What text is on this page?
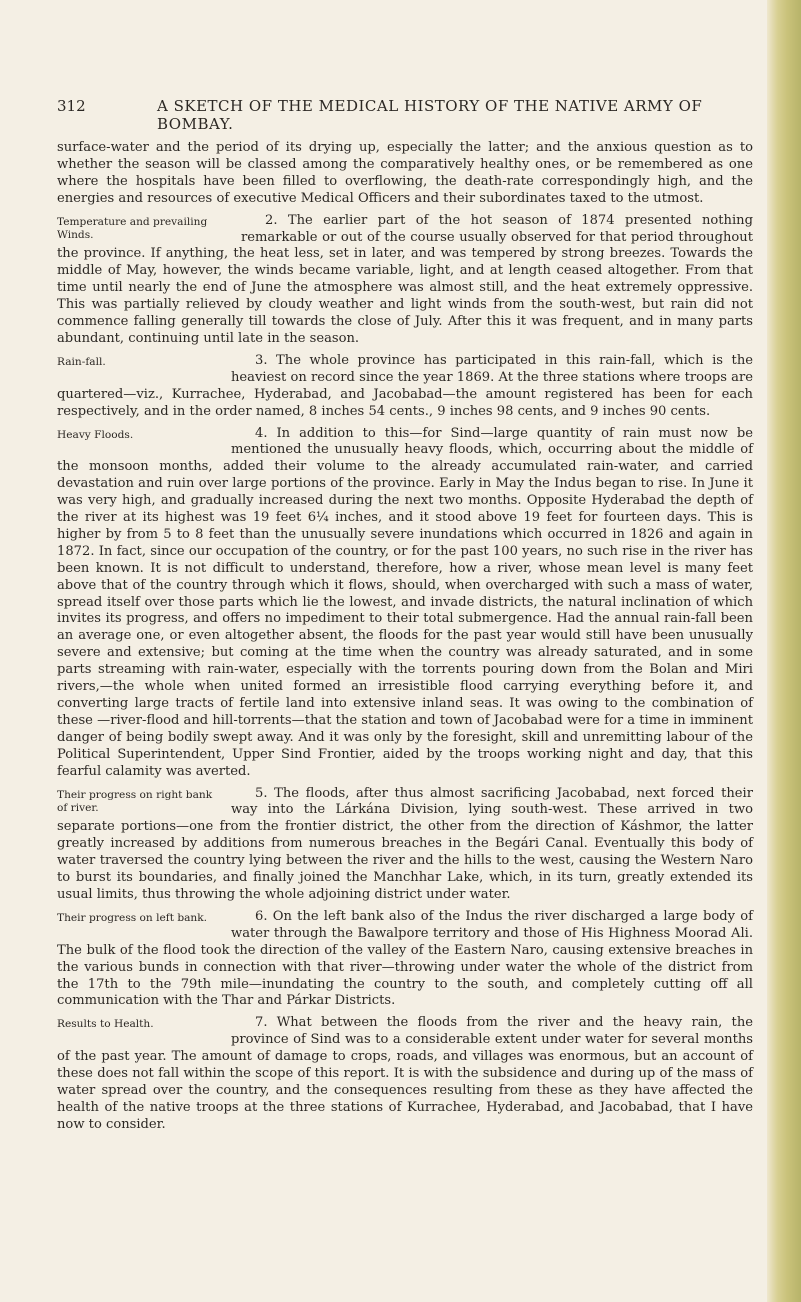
312	A SKETCH OF THE MEDICAL HISTORY OF THE NATIVE ARMY OF BOMBAY.

surface-water and the period of its drying up, especially the latter; and the anxious question as to whether the season will be classed among the comparatively healthy ones, or be remembered as one where the hospitals have been filled to overflowing, the death-rate correspondingly high, and the energies and resources of executive Medical Officers and their subordinates taxed to the utmost.

Temperature and prevailing Winds.
2. The earlier part of the hot season of 1874 presented nothing remarkable or out of the course usually observed for that period throughout the province. If anything, the heat less, set in later, and was tempered by strong breezes. Towards the middle of May, however, the winds became variable, light, and at length ceased altogether. From that time until nearly the end of June the atmosphere was almost still, and the heat extremely oppressive. This was partially relieved by cloudy weather and light winds from the south-west, but rain did not commence falling generally till towards the close of July. After this it was frequent, and in many parts abundant, continuing until late in the season.

Rain-fall.	3. The whole province has participated in this rain-fall, which is the heaviest on record since the year 1869. At the three stations where troops are quartered—viz., Kurrachee, Hyderabad, and Jacobabad—the amount registered has been for each respectively, and in the order named, 8 inches 54 cents., 9 inches 98 cents, and 9 inches 90 cents.

Heavy Floods.	4. In addition to this—for Sind—large quantity of rain must now be mentioned the unusually heavy floods, which, occurring about the middle of the monsoon months, added their volume to the already accumulated rain-water, and carried devastation and ruin over large portions of the province. Early in May the Indus began to rise. In June it was very high, and gradually increased during the next two months. Opposite Hyderabad the depth of the river at its highest was 19 feet 6¼ inches, and it stood above 19 feet for fourteen days. This is higher by from 5 to 8 feet than the unusually severe inundations which occurred in 1826 and again in 1872. In fact, since our occupation of the country, or for the past 100 years, no such rise in the river has been known. It is not difficult to understand, therefore, how a river, whose mean level is many feet above that of the country through which it flows, should, when overcharged with such a mass of water, spread itself over those parts which lie the lowest, and invade districts, the natural inclination of which invites its progress, and offers no impediment to their total submergence. Had the annual rain-fall been an average one, or even altogether absent, the floods for the past year would still have been unusually severe and extensive; but coming at the time when the country was already saturated, and in some parts streaming with rain-water, especially with the torrents pouring down from the Bolan and Miri rivers,—the whole when united formed an irresistible flood carrying everything before it, and converting large tracts of fertile land into extensive inland seas. It was owing to the combination of these —river-flood and hill-torrents—that the station and town of Jacobabad were for a time in imminent danger of being bodily swept away. And it was only by the foresight, skill and unremitting labour of the Political Superintendent, Upper Sind Frontier, aided by the troops working night and day, that this fearful calamity was averted.

Their progress on right bank of river.
5. The floods, after thus almost sacrificing Jacobabad, next forced their way into the Lárkána Division, lying south-west. These arrived in two separate portions—one from the frontier district, the other from the direction of Káshmor, the latter greatly increased by additions from numerous breaches in the Begári Canal. Eventually this body of water traversed the country lying between the river and the hills to the west, causing the Western Naro to burst its boundaries, and finally joined the Manchhar Lake, which, in its turn, greatly extended its usual limits, thus throwing the whole adjoining district under water.

Their progress on left bank.	6. On the left bank also of the Indus the river discharged a large body of water through the Bawalpore territory and those of His Highness Moorad Ali. The bulk of the flood took the direction of the valley of the Eastern Naro, causing extensive breaches in the various bunds in connection with that river—throwing under water the whole of the district from the 17th to the 79th mile—inundating the country to the south, and completely cutting off all communication with the Thar and Párkar Districts.

Results to Health.	7. What between the floods from the river and the heavy rain, the province of Sind was to a considerable extent under water for several months of the past year. The amount of damage to crops, roads, and villages was enormous, but an account of these does not fall within the scope of this report. It is with the subsidence and during up of the mass of water spread over the country, and the consequences resulting from these as they have affected the health of the native troops at the three stations of Kurrachee, Hyderabad, and Jacobabad, that I have now to consider.
